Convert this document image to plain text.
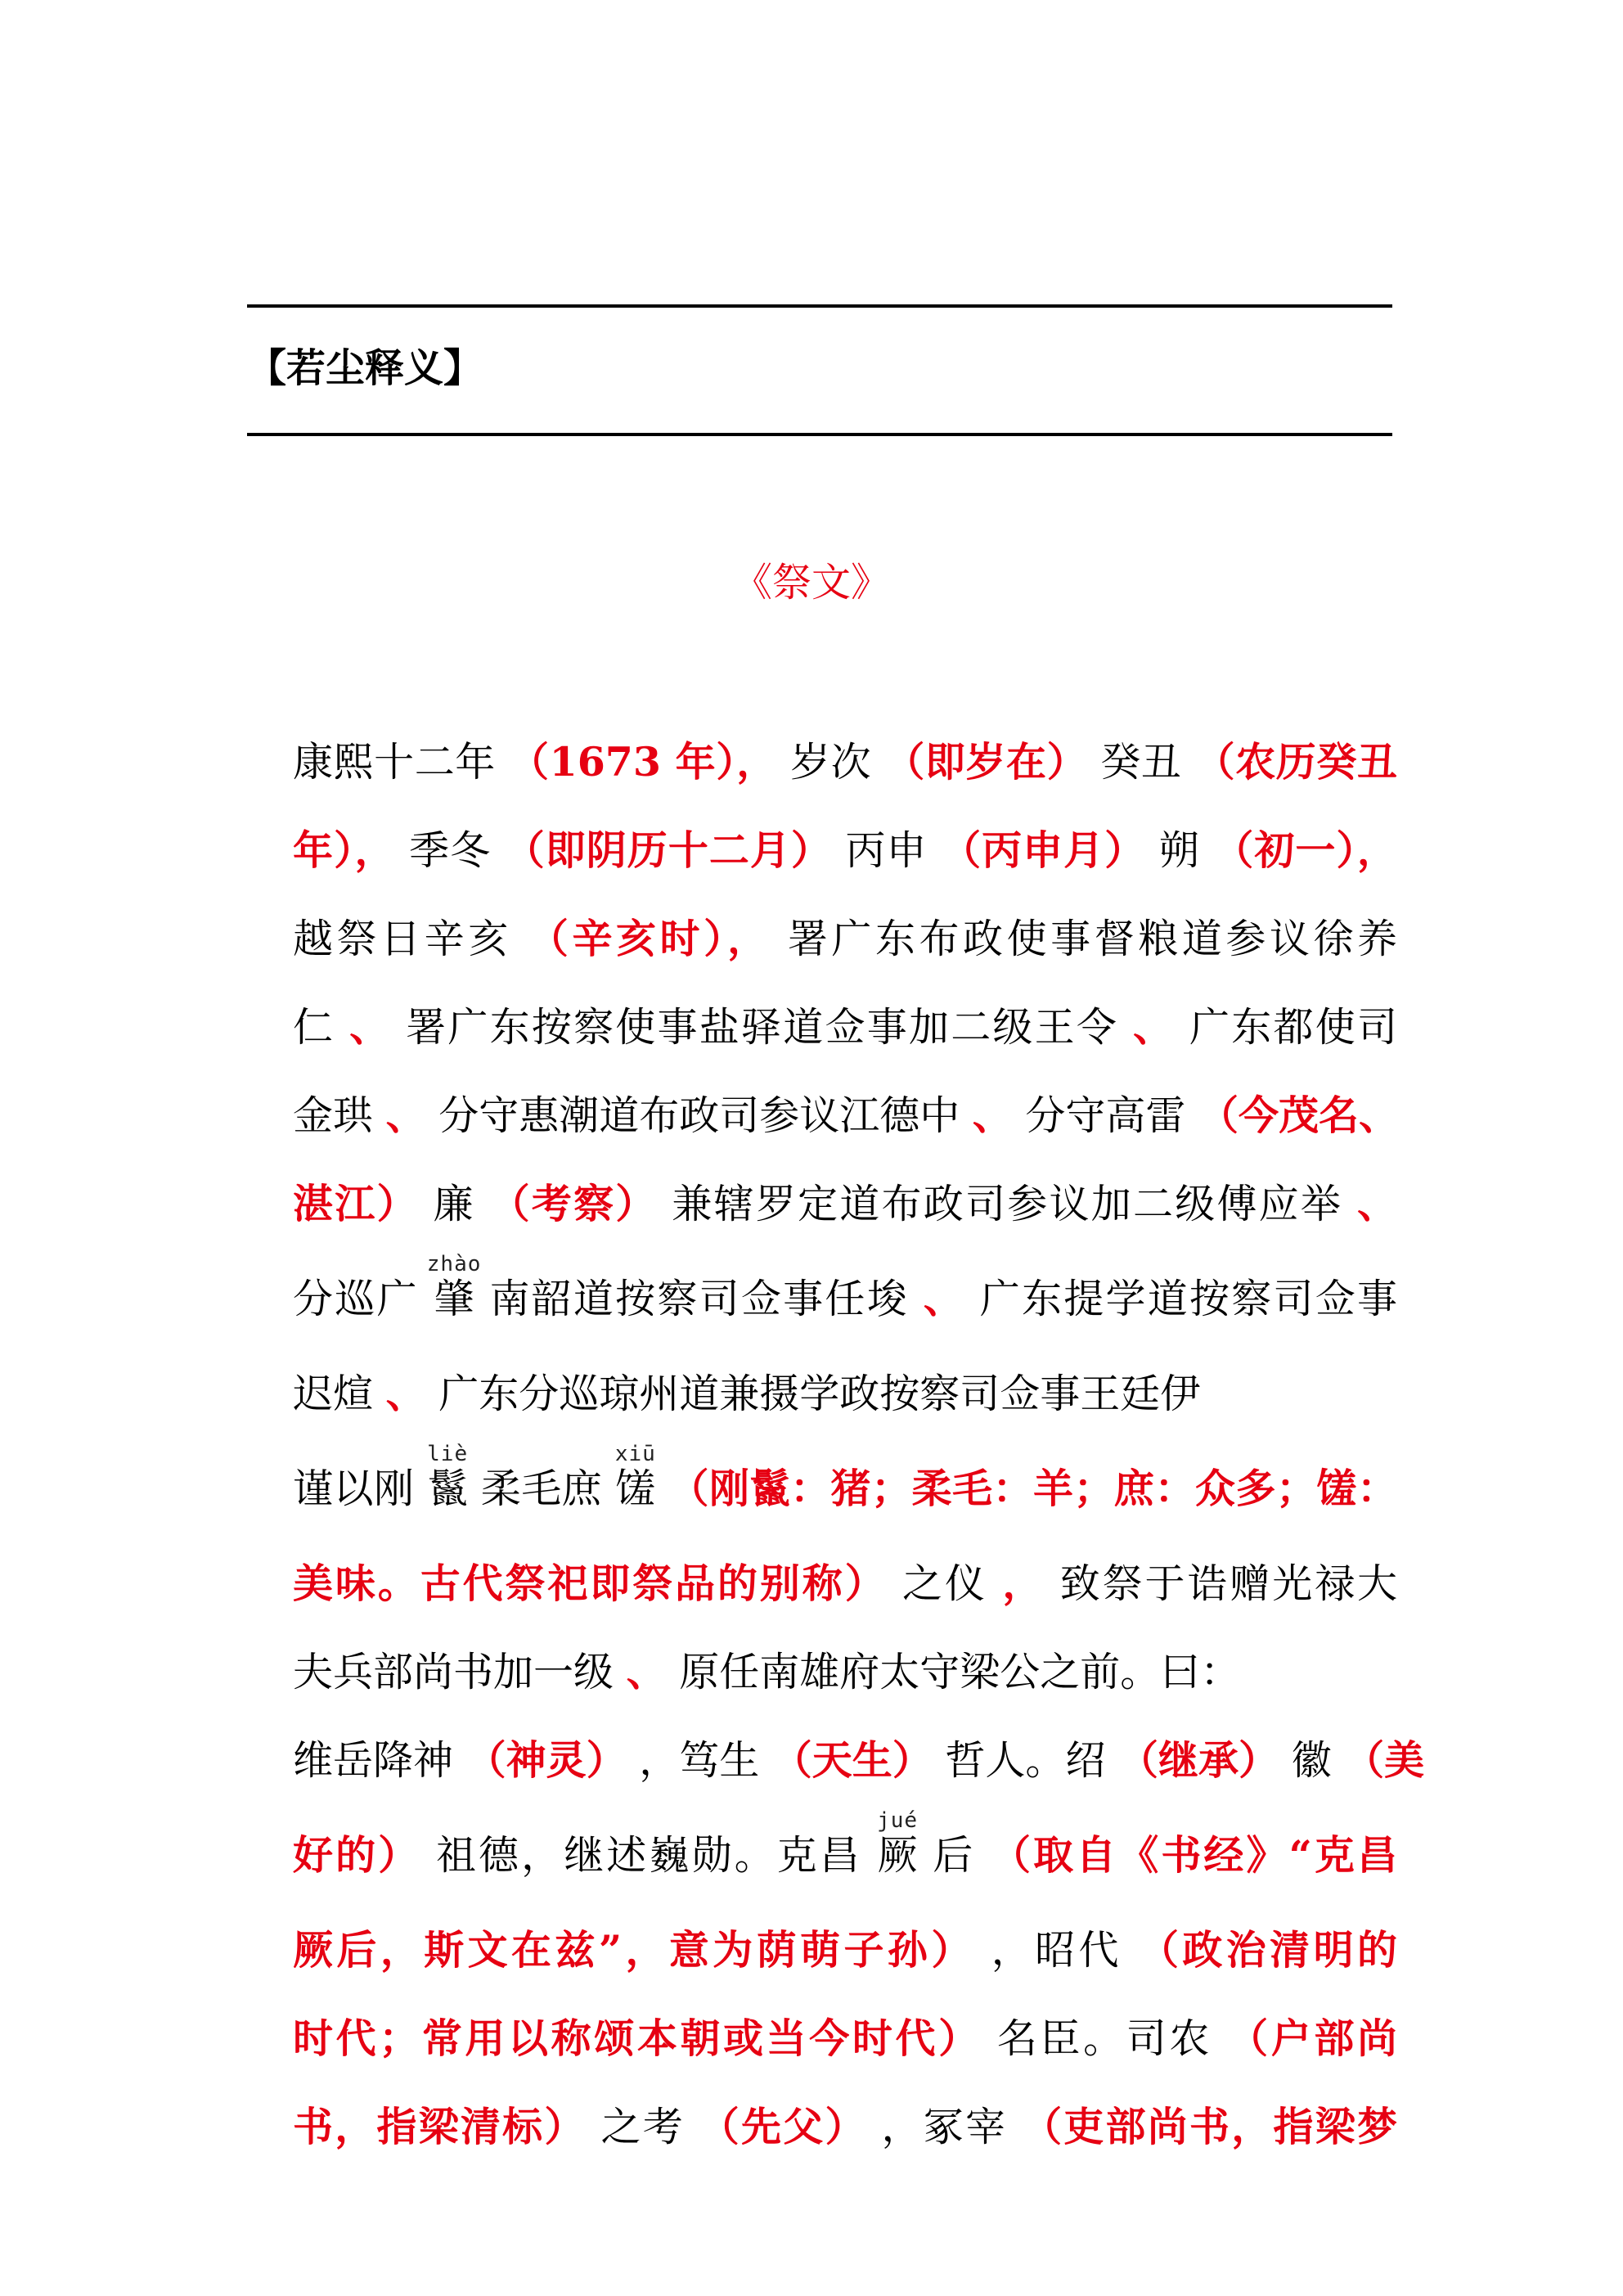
【若尘释义】
《祭文》
康熙十二年 （1673 年）， 岁次 （即岁在） 癸丑 （农历癸丑
年）， 季冬 （即阴历十二月） 丙申 （丙申月） 朔 （初一），
越祭日辛亥 （辛亥时）， 署广东布政使事督粮道参议徐养
仁 、 署广东按察使事盐驿道佥事加二级王令 、 广东都使司
金珙 、 分守惠潮道布政司参议江德中 、 分守高雷 （今茂名、
湛江） 廉 （考察） 兼辖罗定道布政司参议加二级傅应举 、
分巡广 肇zhào 南韶道按察司佥事任埈 、 广东提学道按察司佥事
迟煊 、 广东分巡琼州道兼摄学政按察司佥事王廷伊
谨以刚 鬣liè 柔毛庶 馐xiū （刚鬣：猪；柔毛：羊；庶：众多；馐：
美味。古代祭祀即祭品的别称） 之仪 ， 致祭于诰赠光禄大
夫兵部尚书加一级 、 原任南雄府太守梁公之前。曰：
维岳降神 （神灵） ，笃生 （天生） 哲人。绍 （继承） 徽 （美
好的） 祖德，继述巍勋。克昌 厥jué 后 （取自《书经》“克昌
厥后，斯文在兹”，意为荫萌子孙） ，昭代 （政治清明的
时代；常用以称颂本朝或当今时代） 名臣。司农 （户部尚
书，指梁清标） 之考 （先父） ，冢宰 （吏部尚书，指梁梦
